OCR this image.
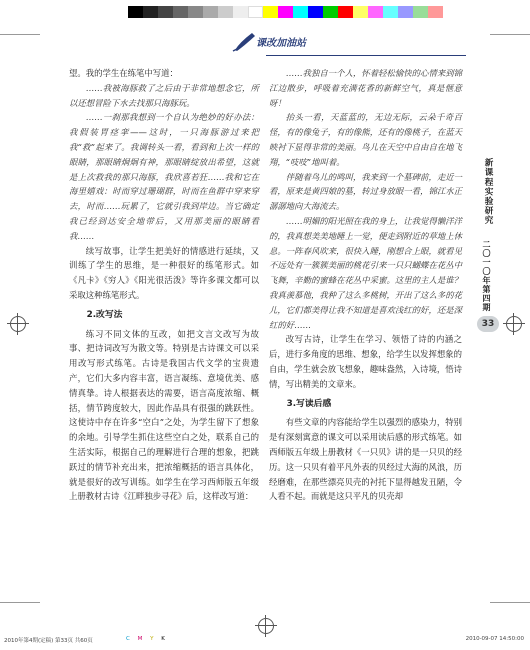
课改加油站

望。我的学生在练笔中写道：

……我被海豚救了之后由于非常地想念它，所以还想冒险下水去找那只海豚玩。

……一刹那我想到一个自认为绝妙的好办法：我假装胃痉挛——这时，一只海豚游过来把我“救”起来了。我调转头一看，看到和上次一样的眼睛，那眼睛炯炯有神，那眼睛绽放出希望，这就是上次救我的那只海豚，我欣喜若狂……我和它在海里嬉戏：时而穿过珊瑚群，时而在鱼群中穿来穿去，时而……玩累了，它就引我到岸边。当它确定我已经到达安全地带后，又用那美丽的眼睛看我……

续写故事，让学生把美好的情感进行延续，又训练了学生的思维，是一种很好的练笔形式。如《凡卡》《穷人》《阳光很活泼》等许多课文都可以采取这种练笔形式。

2.改写法

练习不同文体的互改，如把文言文改写为故事、把诗词改写为散文等。特别是古诗课文可以采用改写形式练笔。古诗是我国古代文学的宝贵遗产，它们大多内容丰富，语言凝练、意境优美、感情真挚。诗人根据表达的需要，语言高度浓缩、概括，情节跨度较大，因此作品具有很强的跳跃性。这使诗中存在许多“空白”之处，为学生留下了想象的余地。引导学生抓住这些空白之处，联系自己的生活实际，根据自己的理解进行合理的想象，把跳跃过的情节补充出来，把浓缩概括的语言具体化，就是很好的改写训练。如学生在学习西师版五年级上册教材古诗《江畔独步寻花》后，这样改写道：

……我独自一个人，怀着轻松愉快的心情来到锦江边散步，呼吸着充满花香的新鲜空气，真是惬意呀！

抬头一看，天蓝蓝的，无边无际，云朵千奇百怪，有的像兔子，有的像熊，还有的像桃子，在蓝天映衬下显得非常的美丽。鸟儿在天空中自由自在地飞翔，“吱吱”地叫着。

伴随着鸟儿的鸣叫，我来到一个墓碑前，走近一看，原来是黄四娘的墓，转过身放眼一看，锦江水正潺潺地向大海流去。

……明媚的阳光照在我的身上，让我觉得懒洋洋的，我真想美美地睡上一觉，便走到附近的草地上休息。一阵春风吹来，很快入睡，刚想合上眼，就看见不远处有一簇簇美丽的桃花引来一只只蝴蝶在花丛中飞舞，辛勤的蜜蜂在花丛中采蜜。这里的主人是谁？我真羡慕他，我种了这么多桃树，开出了这么多的花儿，它们都美得让我不知道是喜欢浅红的好，还是深红的好……

改写古诗，让学生在学习、领悟了诗的内涵之后，进行多角度的思维、想象，给学生以发挥想象的自由，学生就会放飞想象，趣味盎然，入诗境，悟诗情，写出精美的文章来。

3.写读后感

有些文章的内容能给学生以强烈的感染力，特别是有深刻寓意的课文可以采用读后感的形式练笔。如西师版五年级上册教材《一只贝》讲的是一只贝的经历。这一只贝有着平凡外表的贝经过大海的风浪，历经磨难，在那些漂亮贝壳的衬托下显得越发丑陋，令人看不起。而就是这只平凡的贝壳却

新课程实验研究
二〇一〇年第四期
33
2010年第4期(定稿) 第33页 共60页	C M Y K	2010-09-07 14:50:00
